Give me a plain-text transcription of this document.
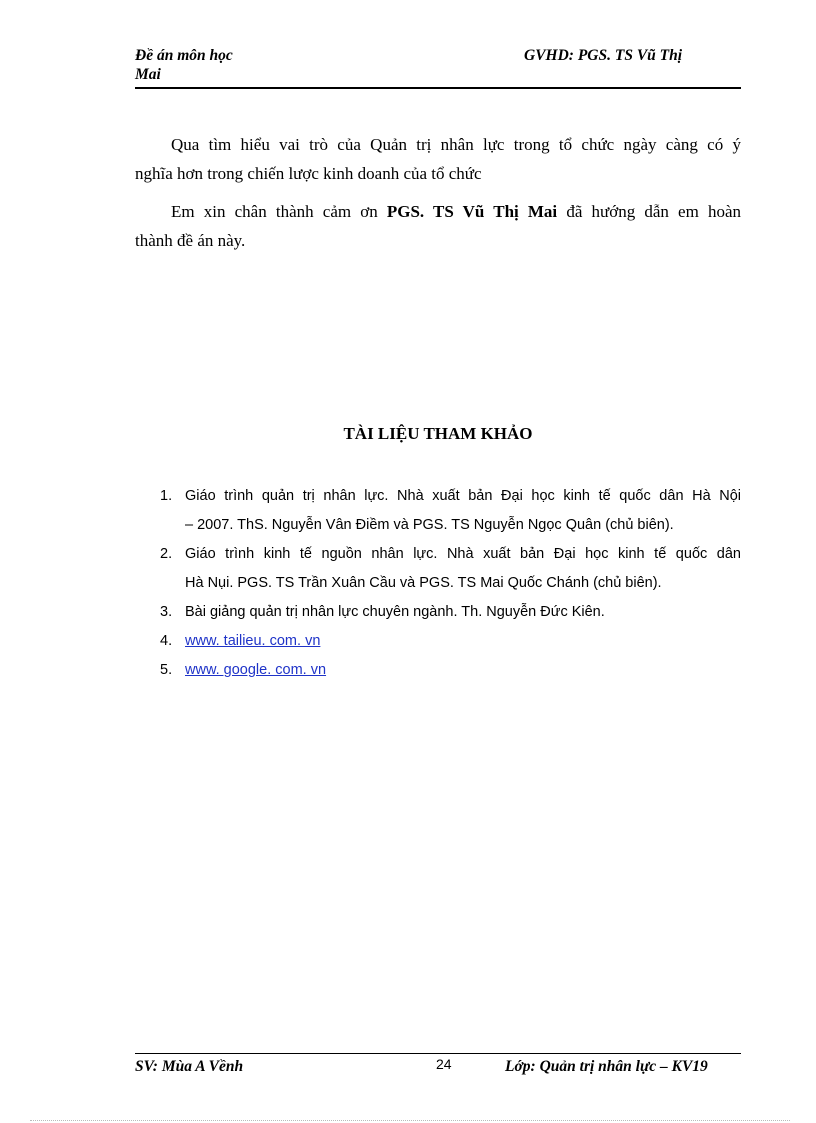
Đề án môn học
Mai
GVHD: PGS. TS Vũ Thị
Qua tìm hiểu vai trò của Quản trị nhân lực trong tổ chức ngày càng có ý
nghĩa hơn trong chiến lược kinh doanh của tổ chức
Em xin chân thành cảm ơn PGS. TS Vũ Thị Mai đã hướng dẫn em hoàn
thành đề án này.
TÀI LIỆU THAM KHẢO
1. Giáo trình quản trị nhân lực. Nhà xuất bản Đại học kinh tế quốc dân Hà Nội
– 2007. ThS. Nguyễn Vân Điềm và PGS. TS Nguyễn Ngọc Quân (chủ biên).
2. Giáo trình kinh tế nguồn nhân lực. Nhà xuất bản Đại học kinh tế quốc dân
Hà Nụi. PGS. TS Trần Xuân Cầu và PGS. TS Mai Quốc Chánh (chủ biên).
3. Bài giảng quản trị nhân lực chuyên ngành. Th. Nguyễn Đức Kiên.
4. www. tailieu. com. vn
5. www. google. com. vn
SV: Mùa A Vềnh	24	Lớp: Quản trị nhân lực – KV19
